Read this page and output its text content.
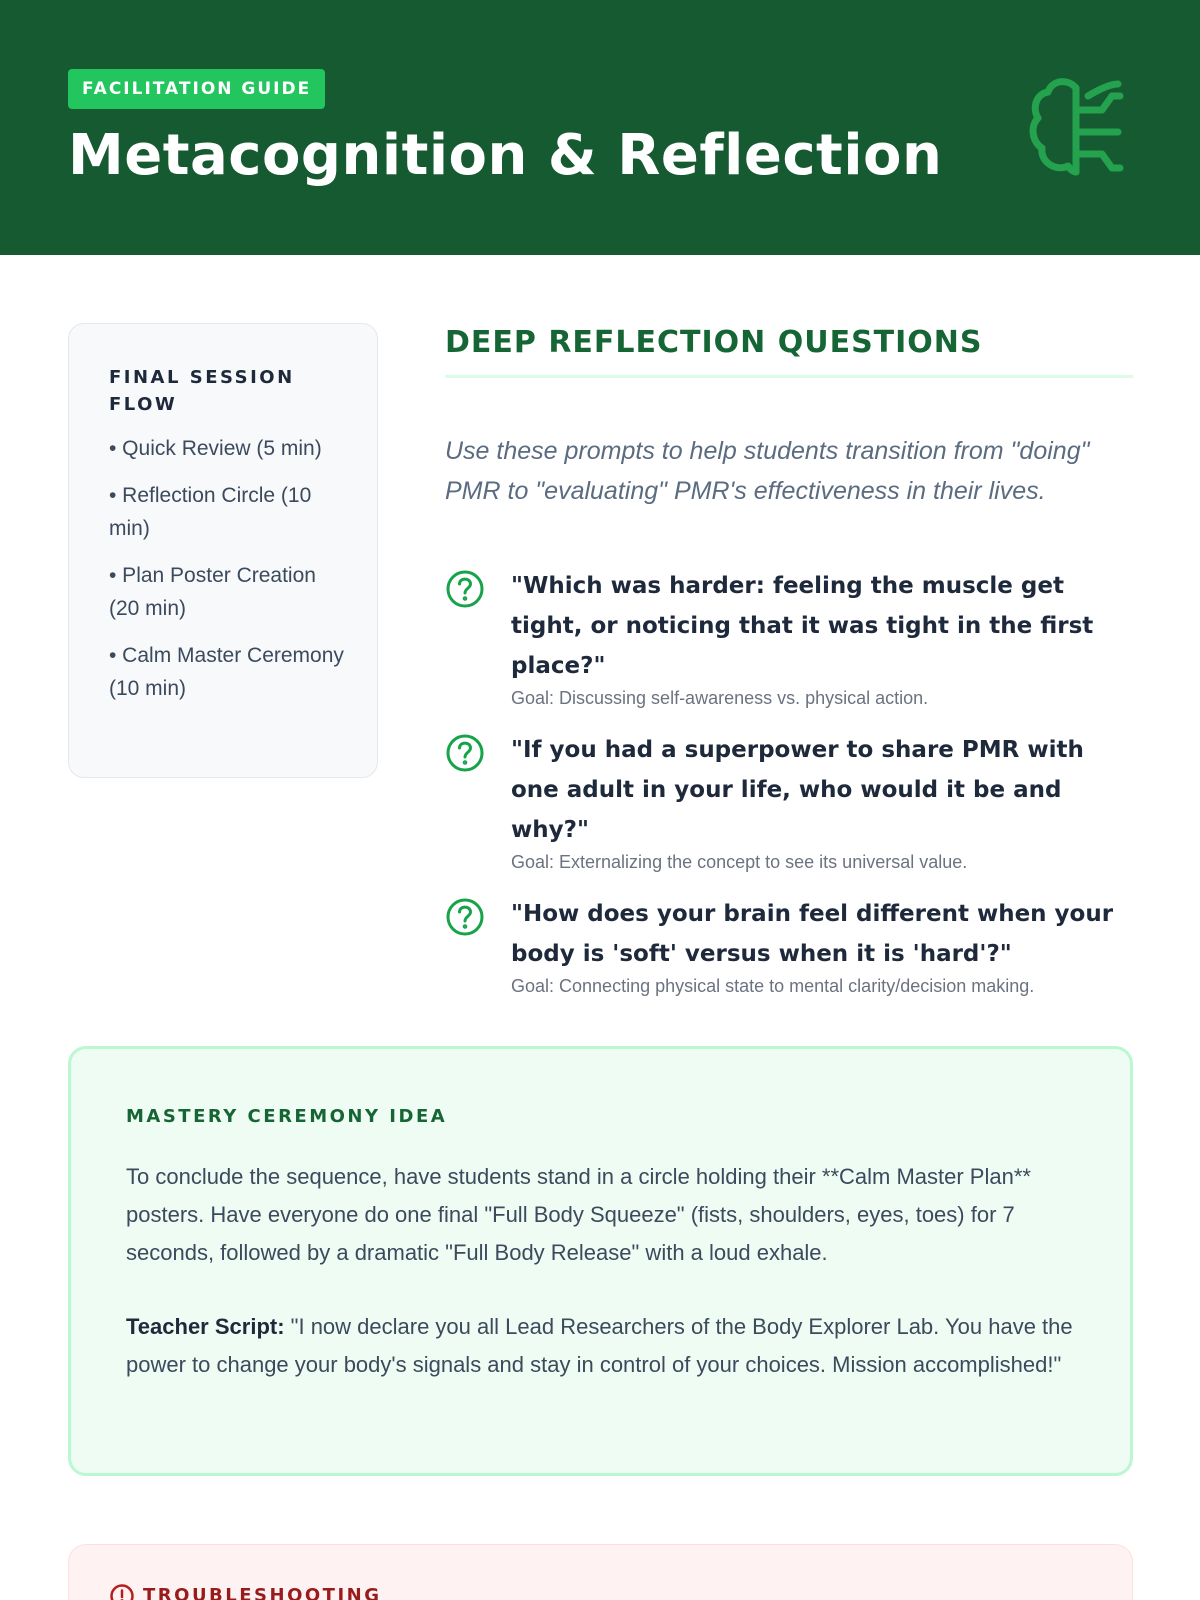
FACILITATION GUIDE
Metacognition & Reflection
FINAL SESSION FLOW
• Quick Review (5 min)
• Reflection Circle (10 min)
• Plan Poster Creation (20 min)
• Calm Master Ceremony (10 min)
DEEP REFLECTION QUESTIONS

Use these prompts to help students transition from "doing" PMR to "evaluating" PMR's effectiveness in their lives.

"Which was harder: feeling the muscle get tight, or noticing that it was tight in the first place?"
Goal: Discussing self-awareness vs. physical action.
"If you had a superpower to share PMR with one adult in your life, who would it be and why?"
Goal: Externalizing the concept to see its universal value.
"How does your brain feel different when your body is 'soft' versus when it is 'hard'?"
Goal: Connecting physical state to mental clarity/decision making.
MASTERY CEREMONY IDEA

To conclude the sequence, have students stand in a circle holding their **Calm Master Plan** posters. Have everyone do one final "Full Body Squeeze" (fists, shoulders, eyes, toes) for 7 seconds, followed by a dramatic "Full Body Release" with a loud exhale.

Teacher Script: "I now declare you all Lead Researchers of the Body Explorer Lab. You have the power to change your body's signals and stay in control of your choices. Mission accomplished!"

TROUBLESHOOTING
